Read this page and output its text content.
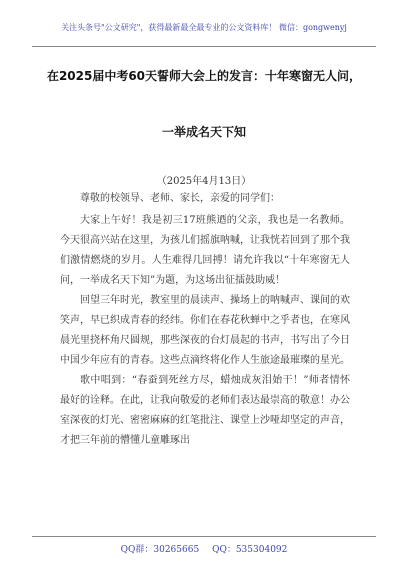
关注头条号"公文研究"，获得最新最全最专业的公文资料库！ 微信：gongwenyj
在2025届中考60天誓师大会上的发言：十年寒窗无人问，
一举成名天下知
（2025年4月13日）

尊敬的校领导、老师、家长，亲爱的同学们：

大家上午好！我是初三17班熊迺的父亲，我也是一名教师。今天很高兴站在这里，为孩儿们摇旗呐喊，让我恍若回到了那个我们激情燃烧的岁月。人生难得几回搏！请允许我以“十年寒窗无人问，一举成名天下知”为题，为这场出征擂鼓助威！

回望三年时光，教室里的晨读声、操场上的呐喊声、课间的欢笑声，早已织成青春的经纬。你们在春花秋蝉中之乎者也，在寒风晨光里挠杯角尺圆规，那些深夜的台灯晨起的书声，书写出了今日中国少年应有的青春。这些点滴终将化作人生旅途最璀璨的星光。

歌中唱到：“春蚕到死丝方尽，蜡烛成灰泪始干！”师者情怀最好的诠释。在此，让我向敬爱的老师们表达最崇高的敬意！办公室深夜的灯光、密密麻麻的红笔批注、课堂上沙哑却坚定的声音，才把三年前的懵懂儿童雕琢出

QQ群：30265665 QQ：535304092
